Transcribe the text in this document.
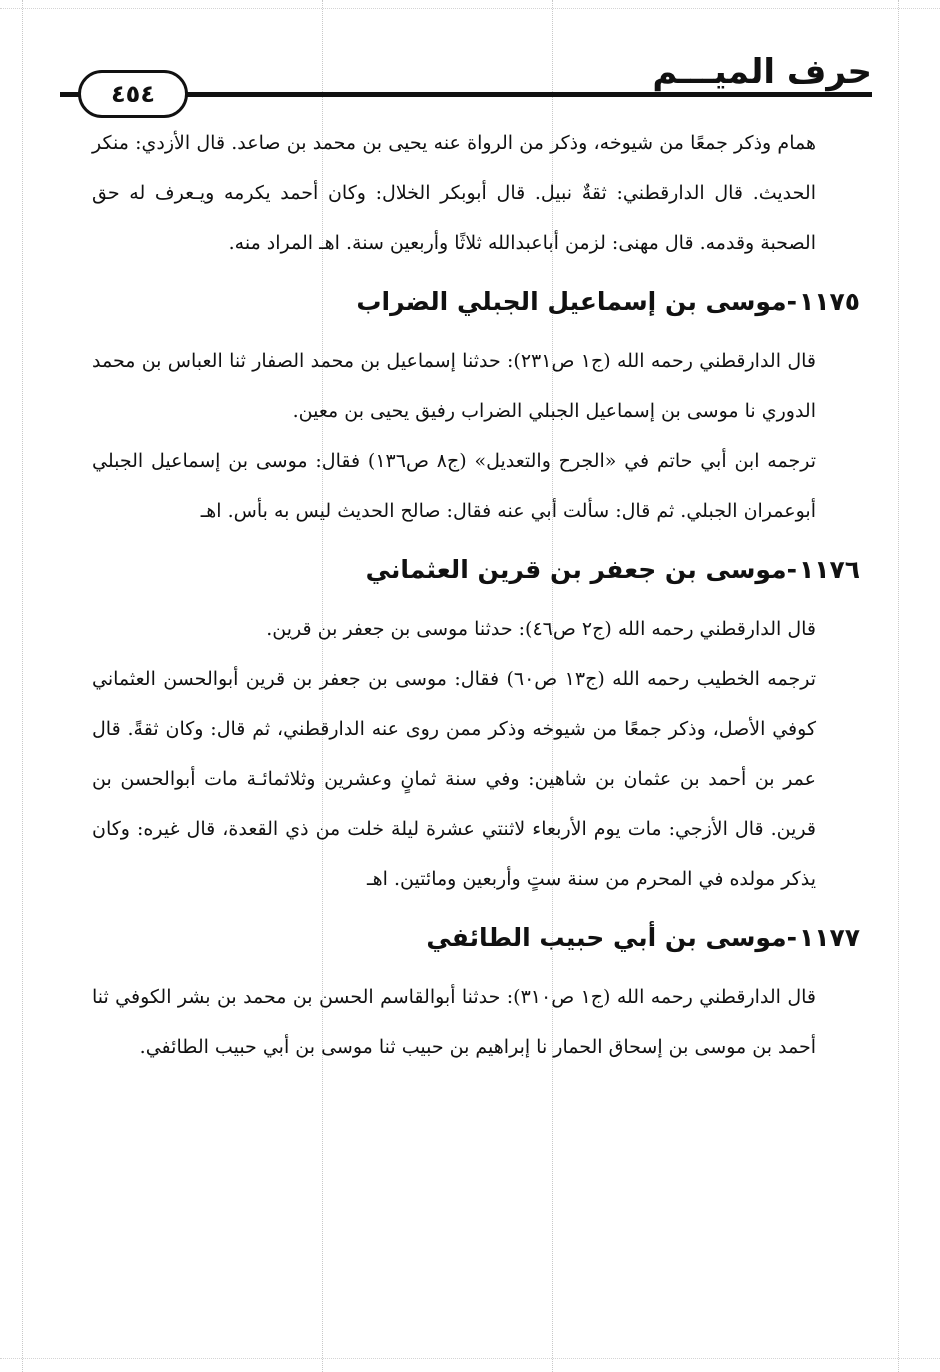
حرف الميـــم
٤٥٤

همام وذكر جمعًا من شيوخه، وذكر من الرواة عنه يحيى بن محمد بن صاعد. قال الأزدي: منكر الحديث. قال الدارقطني: ثقةٌ نبيل. قال أبوبكر الخلال: وكان أحمد يكرمه ويـعرف له حق الصحبة وقدمه. قال مهنى: لزمن أباعبدالله ثلاثًا وأربعين سنة. اهـ المراد منه.

١١٧٥-موسى بن إسماعيل الجبلي الضراب

قال الدارقطني رحمه الله (ج١ ص٢٣١): حدثنا إسماعيل بن محمد الصفار ثنا العباس بن محمد الدوري نا موسى بن إسماعيل الجبلي الضراب رفيق يحيى بن معين.

ترجمه ابن أبي حاتم في «الجرح والتعديل» (ج٨ ص١٣٦) فقال: موسى بن إسماعيل الجبلي أبوعمران الجبلي. ثم قال: سألت أبي عنه فقال: صالح الحديث ليس به بأس. اهـ

١١٧٦-موسى بن جعفر بن قرين العثماني

قال الدارقطني رحمه الله (ج٢ ص٤٦): حدثنا موسى بن جعفر بن قرين.

ترجمه الخطيب رحمه الله (ج١٣ ص٦٠) فقال: موسى بن جعفر بن قرين أبوالحسن العثماني كوفي الأصل، وذكر جمعًا من شيوخه وذكر ممن روى عنه الدارقطني، ثم قال: وكان ثقةً. قال عمر بن أحمد بن عثمان بن شاهين: وفي سنة ثمانٍ وعشرين وثلاثمائـة مات أبوالحسن بن قرين. قال الأزجي: مات يوم الأربعاء لاثنتي عشرة ليلة خلت من ذي القعدة، قال غيره: وكان يذكر مولده في المحرم من سنة ستٍ وأربعين ومائتين. اهـ

١١٧٧-موسى بن أبي حبيب الطائفي

قال الدارقطني رحمه الله (ج١ ص٣١٠): حدثنا أبوالقاسم الحسن بن محمد بن بشر الكوفي ثنا أحمد بن موسى بن إسحاق الحمار نا إبراهيم بن حبيب ثنا موسى بن أبي حبيب الطائفي.
